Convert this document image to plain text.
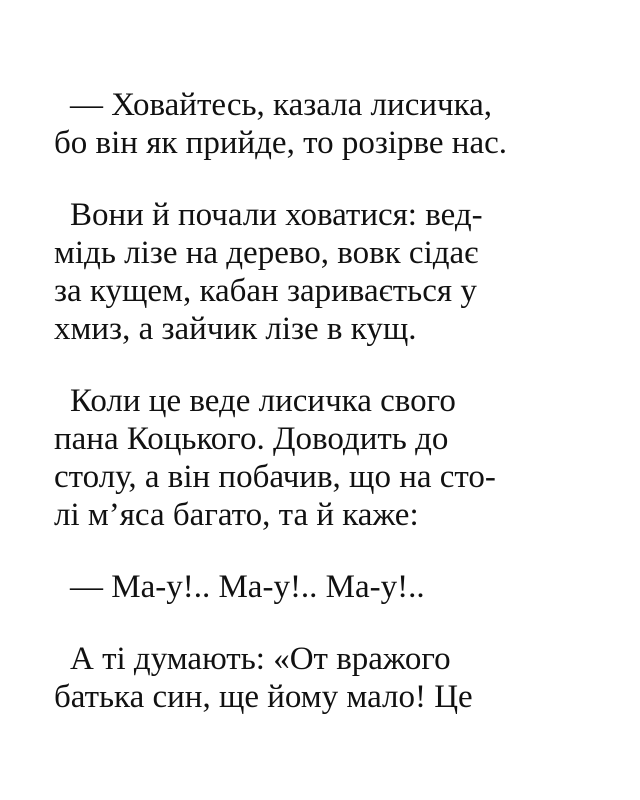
— Ховайтесь, казала лисичка,
бо він як прийде, то розірве нас.

Вони й почали ховатися: вед-
мідь лізе на дерево, вовк сідає
за кущем, кабан заривається у
хмиз, а зайчик лізе в кущ.

Коли це веде лисичка свого
пана Коцького. Доводить до
столу, а він побачив, що на сто-
лі м’яса багато, та й каже:

— Ма-у!.. Ма-у!.. Ма-у!..

А ті думають: «От вражого
батька син, ще йому мало! Це
